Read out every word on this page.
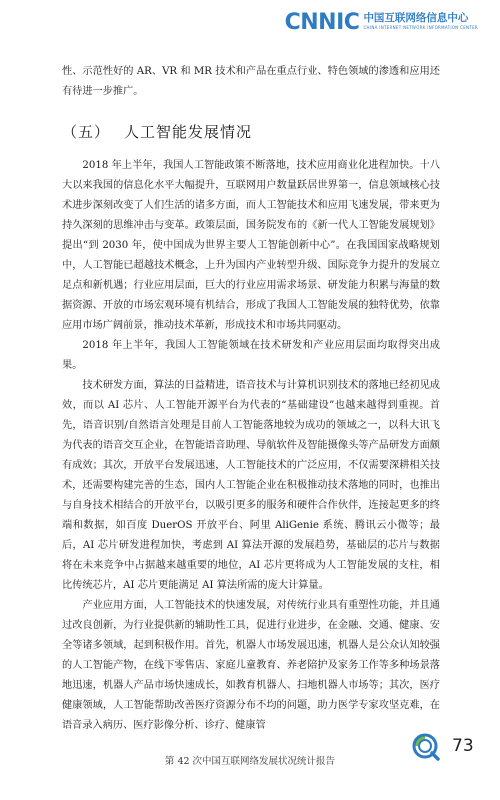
CNNIC 中国互联网络信息中心
CHINA INTERNET NETWORK INFORMATION CENTER

性、示范性好的 AR、VR 和 MR 技术和产品在重点行业、特色领域的渗透和应用还有待进一步推广。

（五） 人工智能发展情况

2018 年上半年，我国人工智能政策不断落地，技术应用商业化进程加快。十八大以来我国的信息化水平大幅提升，互联网用户数量跃居世界第一，信息领域核心技术进步深刻改变了人们生活的诸多方面，而人工智能技术和应用飞速发展，带来更为持久深刻的思维冲击与变革。政策层面，国务院发布的《新一代人工智能发展规划》提出“到 2030 年，使中国成为世界主要人工智能创新中心”。在我国国家战略规划中，人工智能已超越技术概念，上升为国内产业转型升级、国际竞争力提升的发展立足点和新机遇；行业应用层面，巨大的行业应用需求场景、研发能力积累与海量的数据资源、开放的市场宏观环境有机结合，形成了我国人工智能发展的独特优势，依靠应用市场广阔前景，推动技术革新，形成技术和市场共同驱动。

2018 年上半年，我国人工智能领域在技术研发和产业应用层面均取得突出成果。

技术研发方面，算法的日益精进，语音技术与计算机识别技术的落地已经初见成效，而以 AI 芯片、人工智能开源平台为代表的“基础建设”也越来越得到重视。首先，语音识别/自然语言处理是目前人工智能落地较为成功的领域之一，以科大讯飞为代表的语音交互企业，在智能语音助理、导航软件及智能摄像头等产品研发方面颇有成效；其次，开放平台发展迅速，人工智能技术的广泛应用，不仅需要深耕相关技术，还需要构建完善的生态，国内人工智能企业在积极推动技术落地的同时，也推出与自身技术相结合的开放平台，以吸引更多的服务和硬件合作伙伴，连接起更多的终端和数据，如百度 DuerOS 开放平台、阿里 AliGenie 系统、腾讯云小微等；最后，AI 芯片研发进程加快，考虑到 AI 算法开源的发展趋势，基础层的芯片与数据将在未来竞争中占据越来越重要的地位，AI 芯片更将成为人工智能发展的支柱，相比传统芯片，AI 芯片更能满足 AI 算法所需的庞大计算量。

产业应用方面，人工智能技术的快速发展，对传统行业具有重塑性功能，并且通过改良创新，为行业提供新的辅助性工具，促进行业进步，在金融、交通、健康、安全等诸多领域，起到积极作用。首先，机器人市场发展迅速，机器人是公众认知较强的人工智能产物，在线下零售店、家庭儿童教育、养老陪护及家务工作等多种场景落地迅速，机器人产品市场快速成长，如教育机器人、扫地机器人市场等；其次，医疗健康领域，人工智能帮助改善医疗资源分布不均的问题，助力医学专家攻坚克难，在语音录入病历、医疗影像分析、诊疗、健康管

第 42 次中国互联网络发展状况统计报告
73
